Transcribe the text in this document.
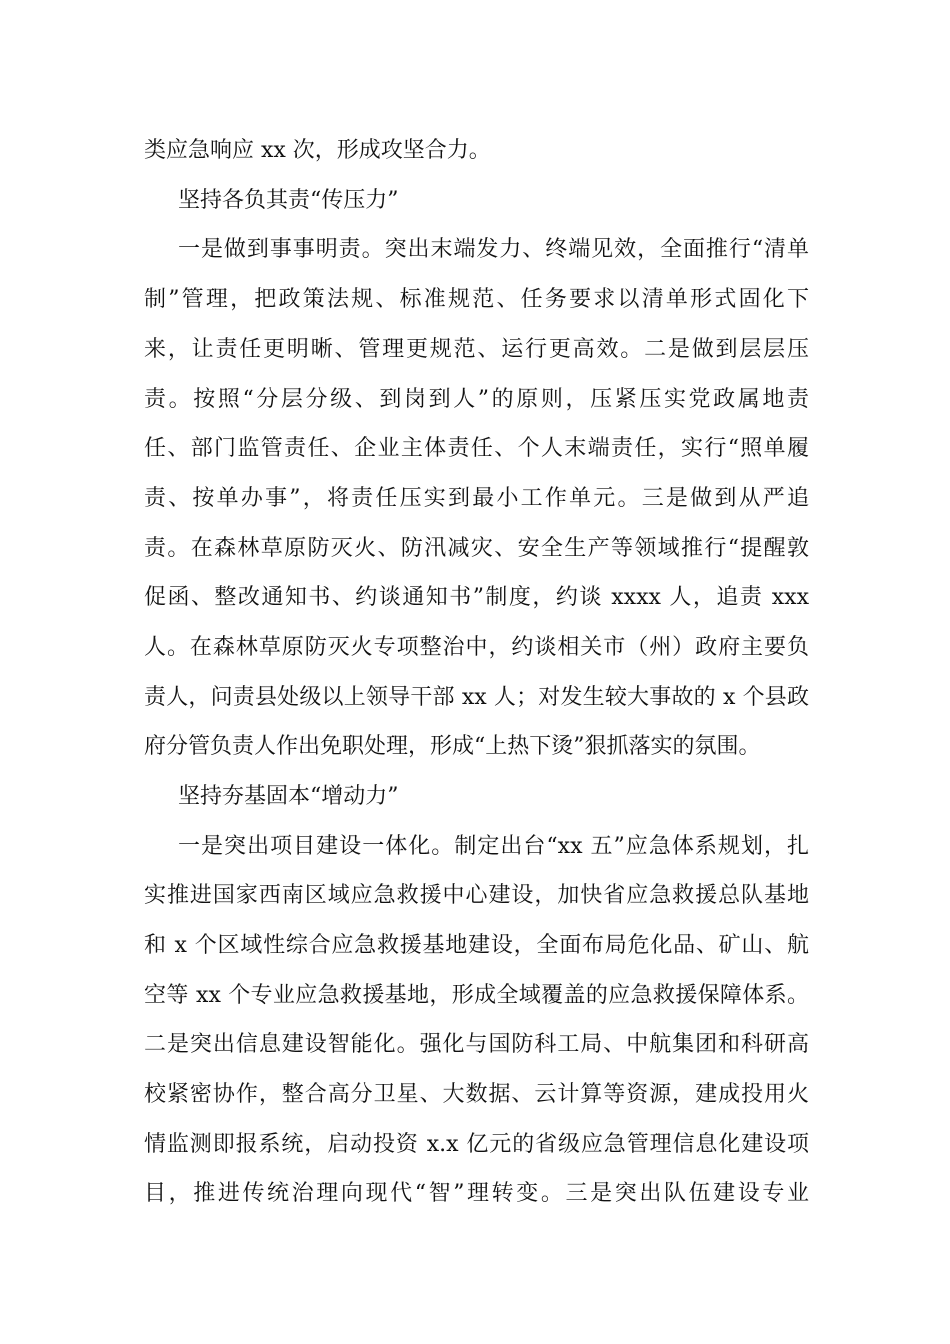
类应急响应 xx 次，形成攻坚合力。
坚持各负其责“传压力”
一是做到事事明责。突出末端发力、终端见效，全面推行“清单
制”管理，把政策法规、标准规范、任务要求以清单形式固化下
来，让责任更明晰、管理更规范、运行更高效。二是做到层层压
责。按照“分层分级、到岗到人”的原则，压紧压实党政属地责
任、部门监管责任、企业主体责任、个人末端责任，实行“照单履
责、按单办事”，将责任压实到最小工作单元。三是做到从严追
责。在森林草原防灭火、防汛减灾、安全生产等领域推行“提醒敦
促函、整改通知书、约谈通知书”制度，约谈 xxxx 人，追责 xxx
人。在森林草原防灭火专项整治中，约谈相关市（州）政府主要负
责人，问责县处级以上领导干部 xx 人；对发生较大事故的 x 个县政
府分管负责人作出免职处理，形成“上热下烫”狠抓落实的氛围。
坚持夯基固本“增动力”
一是突出项目建设一体化。制定出台“xx 五”应急体系规划，扎
实推进国家西南区域应急救援中心建设，加快省应急救援总队基地
和 x 个区域性综合应急救援基地建设，全面布局危化品、矿山、航
空等 xx 个专业应急救援基地，形成全域覆盖的应急救援保障体系。
二是突出信息建设智能化。强化与国防科工局、中航集团和科研高
校紧密协作，整合高分卫星、大数据、云计算等资源，建成投用火
情监测即报系统，启动投资 x.x 亿元的省级应急管理信息化建设项
目，推进传统治理向现代“智”理转变。三是突出队伍建设专业
